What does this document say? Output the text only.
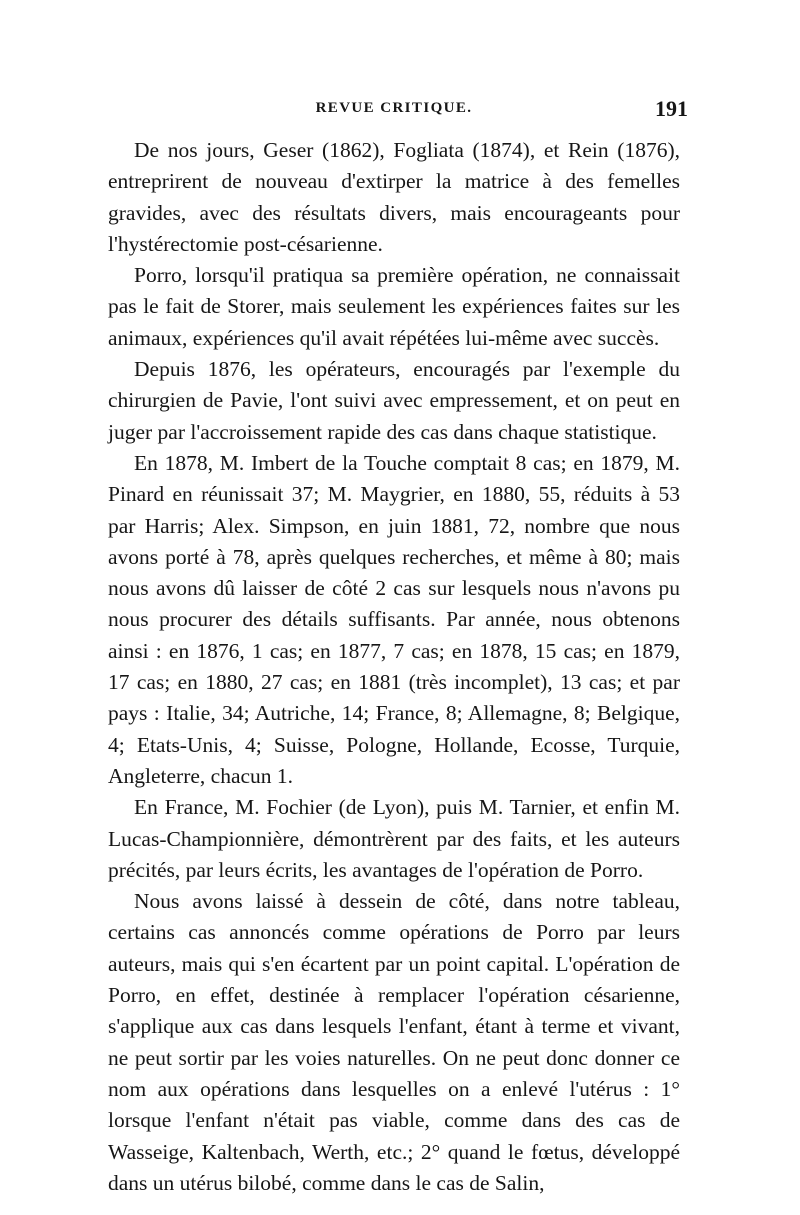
REVUE CRITIQUE.	191

De nos jours, Geser (1862), Fogliata (1874), et Rein (1876), entreprirent de nouveau d'extirper la matrice à des femelles gravides, avec des résultats divers, mais encourageants pour l'hystérectomie post-césarienne.

Porro, lorsqu'il pratiqua sa première opération, ne connaissait pas le fait de Storer, mais seulement les expériences faites sur les animaux, expériences qu'il avait répétées lui-même avec succès.

Depuis 1876, les opérateurs, encouragés par l'exemple du chirurgien de Pavie, l'ont suivi avec empressement, et on peut en juger par l'accroissement rapide des cas dans chaque statistique.

En 1878, M. Imbert de la Touche comptait 8 cas; en 1879, M. Pinard en réunissait 37; M. Maygrier, en 1880, 55, réduits à 53 par Harris; Alex. Simpson, en juin 1881, 72, nombre que nous avons porté à 78, après quelques recherches, et même à 80; mais nous avons dû laisser de côté 2 cas sur lesquels nous n'avons pu nous procurer des détails suffisants. Par année, nous obtenons ainsi : en 1876, 1 cas; en 1877, 7 cas; en 1878, 15 cas; en 1879, 17 cas; en 1880, 27 cas; en 1881 (très incomplet), 13 cas; et par pays : Italie, 34; Autriche, 14; France, 8; Allemagne, 8; Belgique, 4; Etats-Unis, 4; Suisse, Pologne, Hollande, Ecosse, Turquie, Angleterre, chacun 1.

En France, M. Fochier (de Lyon), puis M. Tarnier, et enfin M. Lucas-Championnière, démontrèrent par des faits, et les auteurs précités, par leurs écrits, les avantages de l'opération de Porro.

Nous avons laissé à dessein de côté, dans notre tableau, certains cas annoncés comme opérations de Porro par leurs auteurs, mais qui s'en écartent par un point capital. L'opération de Porro, en effet, destinée à remplacer l'opération césarienne, s'applique aux cas dans lesquels l'enfant, étant à terme et vivant, ne peut sortir par les voies naturelles. On ne peut donc donner ce nom aux opérations dans lesquelles on a enlevé l'utérus : 1° lorsque l'enfant n'était pas viable, comme dans des cas de Wasseige, Kaltenbach, Werth, etc.; 2° quand le fœtus, développé dans un utérus bilobé, comme dans le cas de Salin,
